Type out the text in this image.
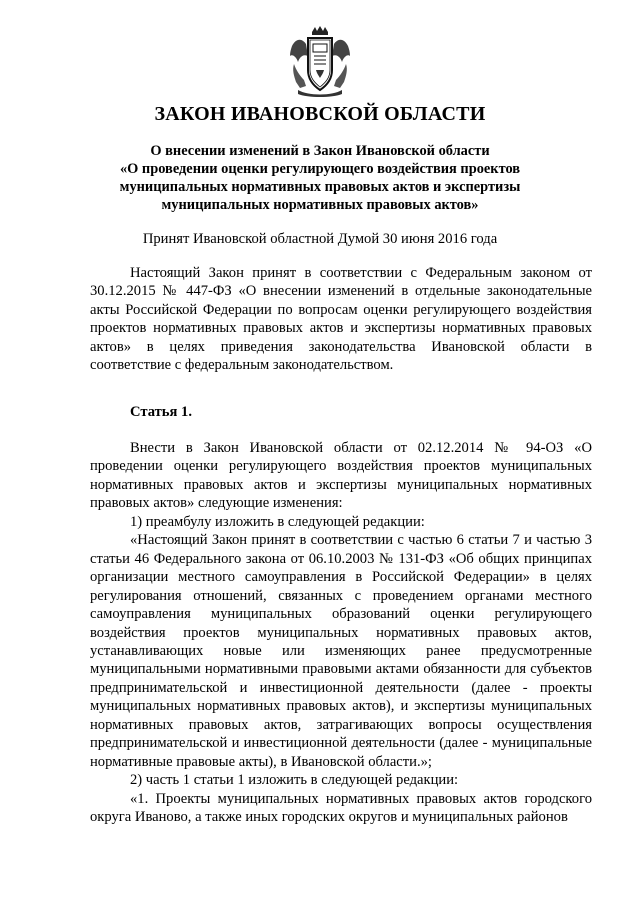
ЗАКОН ИВАНОВСКОЙ ОБЛАСТИ
О внесении изменений в Закон Ивановской области
«О проведении оценки регулирующего воздействия проектов
муниципальных нормативных правовых актов и экспертизы
муниципальных нормативных правовых актов»

Принят Ивановской областной Думой 30 июня 2016 года

Настоящий Закон принят в соответствии с Федеральным законом от 30.12.2015 № 447-ФЗ «О внесении изменений в отдельные законодательные акты Российской Федерации по вопросам оценки регулирующего воздействия проектов нормативных правовых актов и экспертизы нормативных правовых актов» в целях приведения законодательства Ивановской области в соответствие с федеральным законодательством.

Статья 1.

Внести в Закон Ивановской области от 02.12.2014 № 94-ОЗ «О проведении оценки регулирующего воздействия проектов муниципальных нормативных правовых актов и экспертизы муниципальных нормативных правовых актов» следующие изменения:

1) преамбулу изложить в следующей редакции:

«Настоящий Закон принят в соответствии с частью 6 статьи 7 и частью 3 статьи 46 Федерального закона от 06.10.2003 № 131-ФЗ «Об общих принципах организации местного самоуправления в Российской Федерации» в целях регулирования отношений, связанных с проведением органами местного самоуправления муниципальных образований оценки регулирующего воздействия проектов муниципальных нормативных правовых актов, устанавливающих новые или изменяющих ранее предусмотренные муниципальными нормативными правовыми актами обязанности для субъектов предпринимательской и инвестиционной деятельности (далее - проекты муниципальных нормативных правовых актов), и экспертизы муниципальных нормативных правовых актов, затрагивающих вопросы осуществления предпринимательской и инвестиционной деятельности (далее - муниципальные нормативные правовые акты), в Ивановской области.»;

2) часть 1 статьи 1 изложить в следующей редакции:

«1. Проекты муниципальных нормативных правовых актов городского округа Иваново, а также иных городских округов и муниципальных районов
